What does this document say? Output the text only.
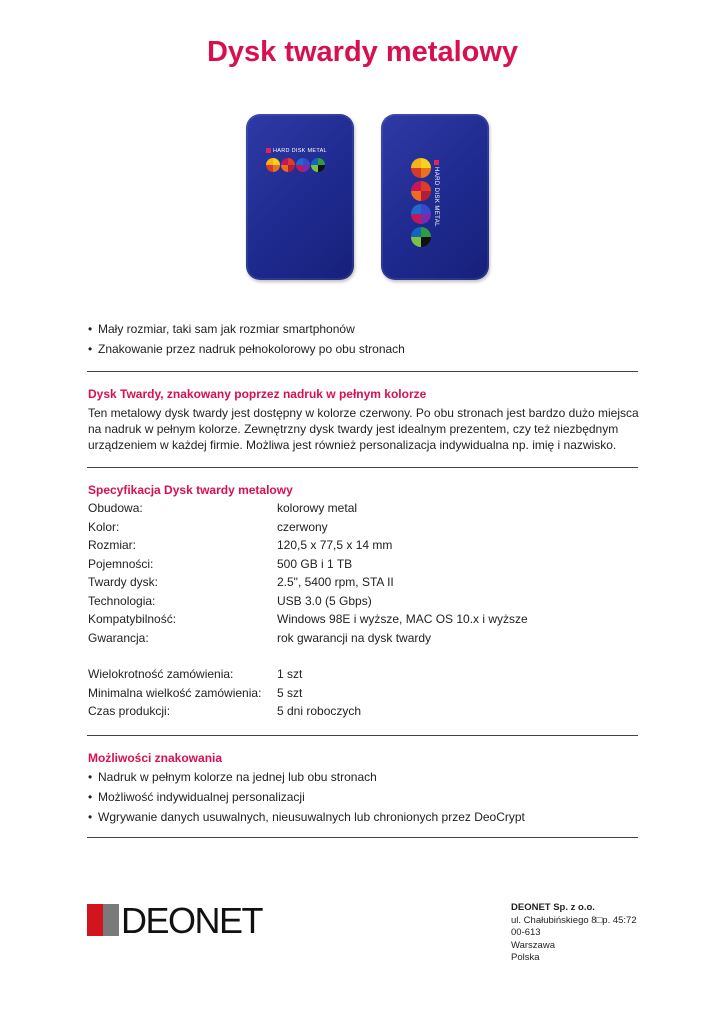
Dysk twardy metalowy
HARD DISK METAL
HARD DISK METAL
• Mały rozmiar, taki sam jak rozmiar smartphonów
• Znakowanie przez nadruk pełnokolorowy po obu stronach
Dysk Twardy, znakowany poprzez nadruk w pełnym kolorze
Ten metalowy dysk twardy jest dostępny w kolorze czerwony. Po obu stronach jest bardzo dużo miejsca
na nadruk w pełnym kolorze. Zewnętrzny dysk twardy jest idealnym prezentem, czy też niezbędnym
urządzeniem w każdej firmie. Możliwa jest również personalizacja indywidualna np. imię i nazwisko.
Specyfikacja Dysk twardy metalowy
Obudowa:	kolorowy metal
Kolor:	czerwony
Rozmiar:	120,5 x 77,5 x 14 mm
Pojemności:	500 GB i 1 TB
Twardy dysk:	2.5", 5400 rpm, STA II
Technologia:	USB 3.0 (5 Gbps)
Kompatybilność:	Windows 98E i wyższe, MAC OS 10.x i wyższe
Gwarancja:	rok gwarancji na dysk twardy
Wielokrotność zamówienia:	1 szt
Minimalna wielkość zamówienia:	5 szt
Czas produkcji:	5 dni roboczych
Możliwości znakowania
• Nadruk w pełnym kolorze na jednej lub obu stronach
• Możliwość indywidualnej personalizacji
• Wgrywanie danych usuwalnych, nieusuwalnych lub chronionych przez DeoCrypt
DEONET	DEONET Sp. z o.o.
ul. Chałubińskiego 8□p. 45:72
00-613
Warszawa
Polska
